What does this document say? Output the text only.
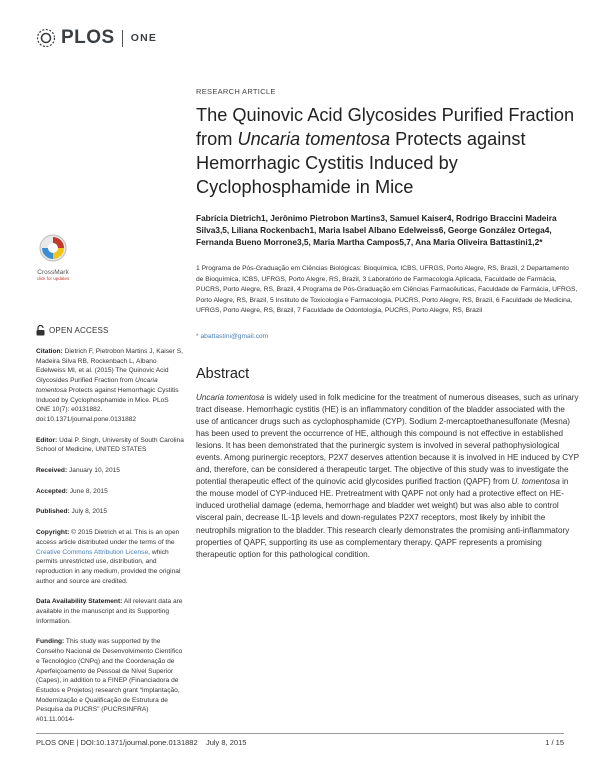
PLOS ONE
RESEARCH ARTICLE
The Quinovic Acid Glycosides Purified Fraction from Uncaria tomentosa Protects against Hemorrhagic Cystitis Induced by Cyclophosphamide in Mice
Fabrícia Dietrich1, Jerônimo Pietrobon Martins3, Samuel Kaiser4, Rodrigo Braccini Madeira Silva3,5, Liliana Rockenbach1, Maria Isabel Albano Edelweiss6, George González Ortega4, Fernanda Bueno Morrone3,5, Maria Martha Campos5,7, Ana Maria Oliveira Battastini1,2*
1 Programa de Pós-Graduação em Ciências Biológicas: Bioquímica, ICBS, UFRGS, Porto Alegre, RS, Brazil, 2 Departamento de Bioquímica, ICBS, UFRGS, Porto Alegre, RS, Brazil, 3 Laboratório de Farmacologia Aplicada, Faculdade de Farmácia, PUCRS, Porto Alegre, RS, Brazil, 4 Programa de Pós-Graduação em Ciências Farmacêuticas, Faculdade de Farmácia, UFRGS, Porto Alegre, RS, Brazil, 5 Instituto de Toxicologia e Farmacologia, PUCRS, Porto Alegre, RS, Brazil, 6 Faculdade de Medicina, UFRGS, Porto Alegre, RS, Brazil, 7 Faculdade de Odontologia, PUCRS, Porto Alegre, RS, Brazil
* abattastini@gmail.com
CrossMark
click for updates
OPEN ACCESS
Citation: Dietrich F, Pietrobon Martins J, Kaiser S, Madeira Silva RB, Rockenbach L, Albano Edelweiss MI, et al. (2015) The Quinovic Acid Glycosides Purified Fraction from Uncaria tomentosa Protects against Hemorrhagic Cystitis Induced by Cyclophosphamide in Mice. PLoS ONE 10(7): e0131882. doi:10.1371/journal.pone.0131882
Editor: Udai P. Singh, University of South Carolina School of Medicine, UNITED STATES
Received: January 10, 2015
Accepted: June 8, 2015
Published: July 8, 2015
Copyright: © 2015 Dietrich et al. This is an open access article distributed under the terms of the Creative Commons Attribution License, which permits unrestricted use, distribution, and reproduction in any medium, provided the original author and source are credited.
Data Availability Statement: All relevant data are available in the manuscript and its Supporting Information.
Funding: This study was supported by the Conselho Nacional de Desenvolvimento Científico e Tecnológico (CNPq) and the Coordenação de Aperfeiçoamento de Pessoal de Nível Superior (Capes), in addition to a FINEP (Financiadora de Estudos e Projetos) research grant “Implantação, Modernização e Qualificação de Estrutura de Pesquisa da PUCRS” (PUCRSINFRA) #01.11.0014-
Abstract
Uncaria tomentosa is widely used in folk medicine for the treatment of numerous diseases, such as urinary tract disease. Hemorrhagic cystitis (HE) is an inflammatory condition of the bladder associated with the use of anticancer drugs such as cyclophosphamide (CYP). Sodium 2-mercaptoethanesulfonate (Mesna) has been used to prevent the occurrence of HE, although this compound is not effective in established lesions. It has been demonstrated that the purinergic system is involved in several pathophysiological events. Among purinergic receptors, P2X7 deserves attention because it is involved in HE induced by CYP and, therefore, can be considered a therapeutic target. The objective of this study was to investigate the potential therapeutic effect of the quinovic acid glycosides purified fraction (QAPF) from U. tomentosa in the mouse model of CYP-induced HE. Pretreatment with QAPF not only had a protective effect on HE-induced urothelial damage (edema, hemorrhage and bladder wet weight) but was also able to control visceral pain, decrease IL-1β levels and down-regulates P2X7 receptors, most likely by inhibit the neutrophils migration to the bladder. This research clearly demonstrates the promising anti-inflammatory properties of QAPF, supporting its use as complementary therapy. QAPF represents a promising therapeutic option for this pathological condition.
PLOS ONE | DOI:10.1371/journal.pone.0131882    July 8, 2015	1 / 15
